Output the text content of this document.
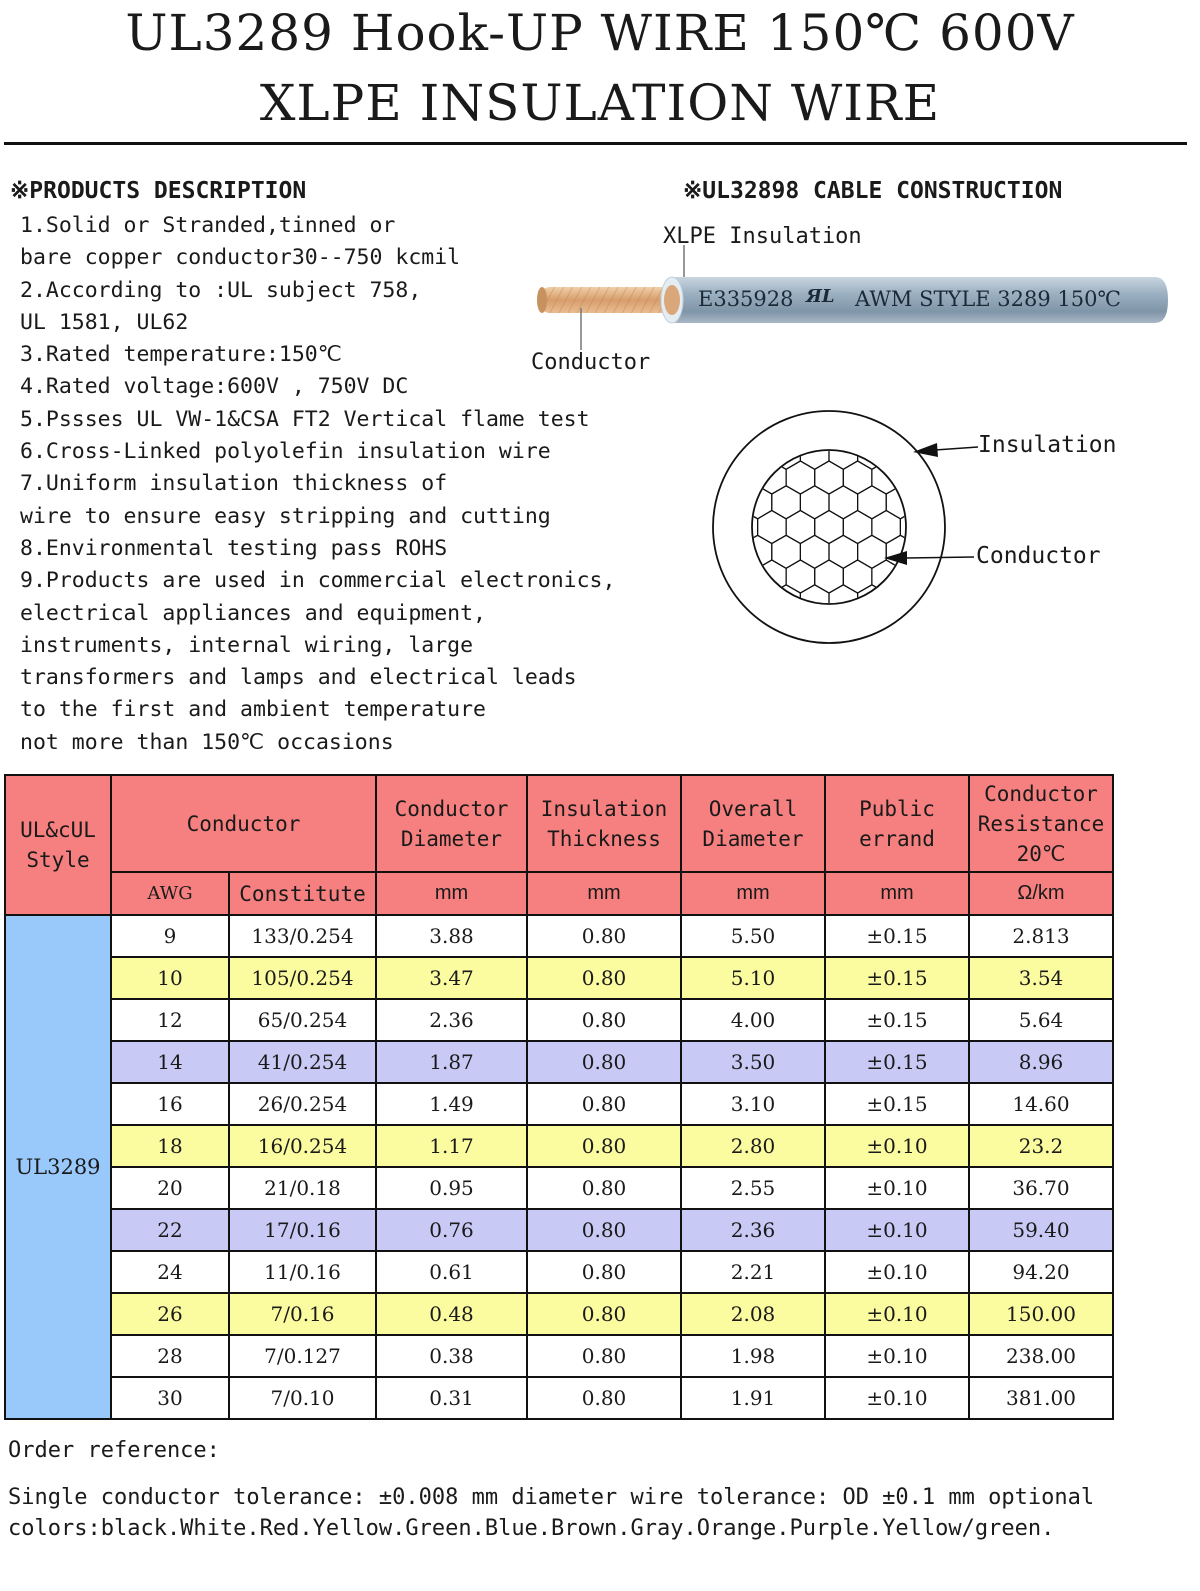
UL3289 Hook-UP WIRE 150℃ 600V
XLPE INSULATION WIRE
※PRODUCTS DESCRIPTION
1.Solid or Stranded,tinned or
bare copper conductor30--750 kcmil
2.According to :UL subject 758,
UL 1581, UL62
3.Rated temperature:150℃
4.Rated voltage:600V , 750V DC
5.Pssses UL VW-1&CSA FT2 Vertical flame test
6.Cross-Linked polyolefin insulation wire
7.Uniform insulation thickness of
wire to ensure easy stripping and cutting
8.Environmental testing pass ROHS
9.Products are used in commercial electronics,
electrical appliances and equipment,
instruments, internal wiring, large
transformers and lamps and electrical leads
to the first and ambient temperature
not more than 150℃ occasions
※UL32898 CABLE CONSTRUCTION
XLPE Insulation
Conductor
E335928 ЯL AWM STYLE 3289 150℃
Insulation
Conductor
UL&cUL Style	Conductor		Conductor Diameter	Insulation Thickness	Overall Diameter	Public errand	Conductor Resistance 20℃
	AWG	Constitute	mm	mm	mm	mm	Ω/km
UL3289	9	133/0.254	3.88	0.80	5.50	±0.15	2.813
	10	105/0.254	3.47	0.80	5.10	±0.15	3.54
	12	65/0.254	2.36	0.80	4.00	±0.15	5.64
	14	41/0.254	1.87	0.80	3.50	±0.15	8.96
	16	26/0.254	1.49	0.80	3.10	±0.15	14.60
	18	16/0.254	1.17	0.80	2.80	±0.10	23.2
	20	21/0.18	0.95	0.80	2.55	±0.10	36.70
	22	17/0.16	0.76	0.80	2.36	±0.10	59.40
	24	11/0.16	0.61	0.80	2.21	±0.10	94.20
	26	7/0.16	0.48	0.80	2.08	±0.10	150.00
	28	7/0.127	0.38	0.80	1.98	±0.10	238.00
	30	7/0.10	0.31	0.80	1.91	±0.10	381.00
Order reference:
Single conductor tolerance: ±0.008 mm diameter wire tolerance: OD ±0.1 mm optional
colors:black.White.Red.Yellow.Green.Blue.Brown.Gray.Orange.Purple.Yellow/green.
